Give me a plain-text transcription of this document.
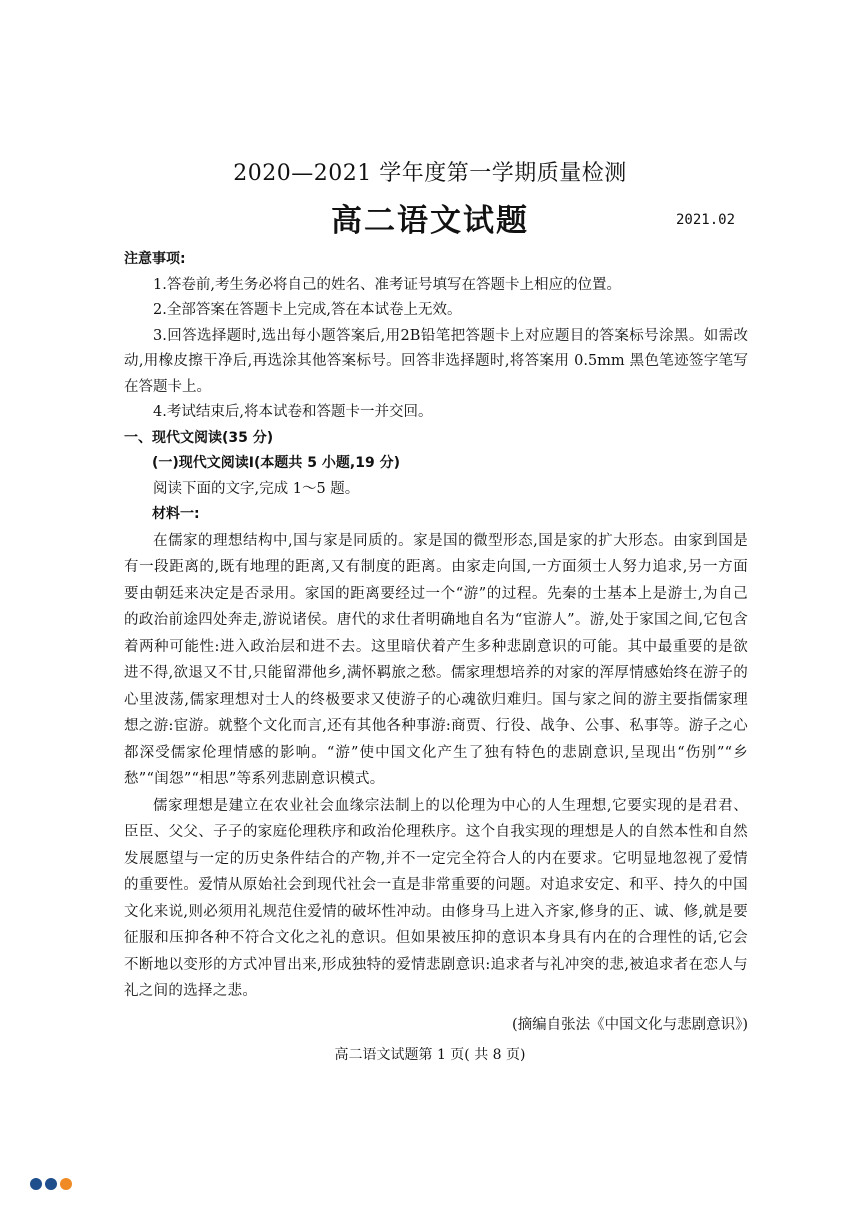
2020—2021 学年度第一学期质量检测
高二语文试题	2021.02

注意事项:

1.答卷前,考生务必将自己的姓名、准考证号填写在答题卡上相应的位置。

2.全部答案在答题卡上完成,答在本试卷上无效。

3.回答选择题时,选出每小题答案后,用2B铅笔把答题卡上对应题目的答案标号涂黑。如需改动,用橡皮擦干净后,再选涂其他答案标号。回答非选择题时,将答案用 0.5mm 黑色笔迹签字笔写在答题卡上。

4.考试结束后,将本试卷和答题卡一并交回。

一、现代文阅读(35 分)

(一)现代文阅读Ⅰ(本题共 5 小题,19 分)

阅读下面的文字,完成 1～5 题。

材料一:

在儒家的理想结构中,国与家是同质的。家是国的微型形态,国是家的扩大形态。由家到国是有一段距离的,既有地理的距离,又有制度的距离。由家走向国,一方面须士人努力追求,另一方面要由朝廷来决定是否录用。家国的距离要经过一个“游”的过程。先秦的士基本上是游士,为自己的政治前途四处奔走,游说诸侯。唐代的求仕者明确地自名为“宦游人”。游,处于家国之间,它包含着两种可能性:进入政治层和进不去。这里暗伏着产生多种悲剧意识的可能。其中最重要的是欲进不得,欲退又不甘,只能留滞他乡,满怀羁旅之愁。儒家理想培养的对家的浑厚情感始终在游子的心里波荡,儒家理想对士人的终极要求又使游子的心魂欲归难归。国与家之间的游主要指儒家理想之游:宦游。就整个文化而言,还有其他各种事游:商贾、行役、战争、公事、私事等。游子之心都深受儒家伦理情感的影响。“游”使中国文化产生了独有特色的悲剧意识,呈现出“伤别”“乡愁”“闺怨”“相思”等系列悲剧意识模式。

儒家理想是建立在农业社会血缘宗法制上的以伦理为中心的人生理想,它要实现的是君君、臣臣、父父、子子的家庭伦理秩序和政治伦理秩序。这个自我实现的理想是人的自然本性和自然发展愿望与一定的历史条件结合的产物,并不一定完全符合人的内在要求。它明显地忽视了爱情的重要性。爱情从原始社会到现代社会一直是非常重要的问题。对追求安定、和平、持久的中国文化来说,则必须用礼规范住爱情的破坏性冲动。由修身马上进入齐家,修身的正、诚、修,就是要征服和压抑各种不符合文化之礼的意识。但如果被压抑的意识本身具有内在的合理性的话,它会不断地以变形的方式冲冒出来,形成独特的爱情悲剧意识:追求者与礼冲突的悲,被追求者在恋人与礼之间的选择之悲。

(摘编自张法《中国文化与悲剧意识》)

高二语文试题第 1 页( 共 8 页)
